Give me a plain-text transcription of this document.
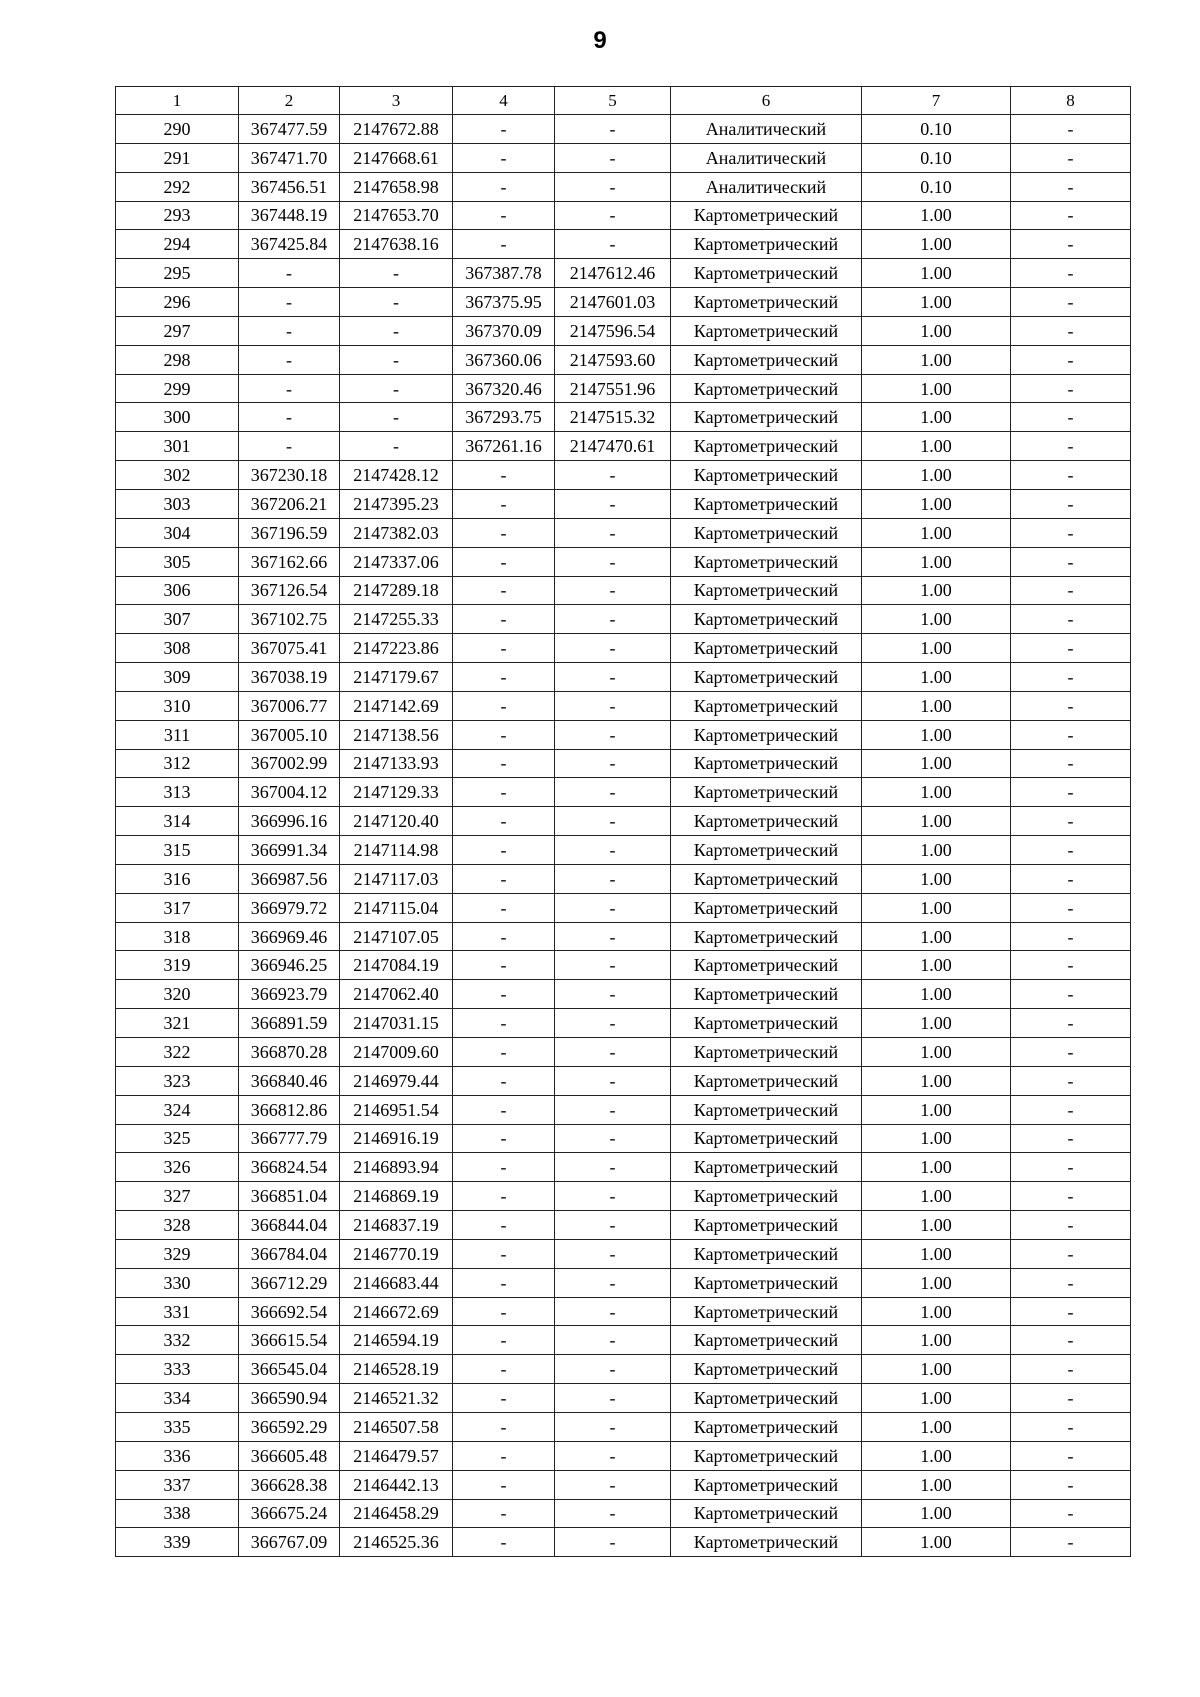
9
1	2	3	4	5	6	7	8
290	367477.59	2147672.88	-	-	Аналитический	0.10	-
291	367471.70	2147668.61	-	-	Аналитический	0.10	-
292	367456.51	2147658.98	-	-	Аналитический	0.10	-
293	367448.19	2147653.70	-	-	Картометрический	1.00	-
294	367425.84	2147638.16	-	-	Картометрический	1.00	-
295	-	-	367387.78	2147612.46	Картометрический	1.00	-
296	-	-	367375.95	2147601.03	Картометрический	1.00	-
297	-	-	367370.09	2147596.54	Картометрический	1.00	-
298	-	-	367360.06	2147593.60	Картометрический	1.00	-
299	-	-	367320.46	2147551.96	Картометрический	1.00	-
300	-	-	367293.75	2147515.32	Картометрический	1.00	-
301	-	-	367261.16	2147470.61	Картометрический	1.00	-
302	367230.18	2147428.12	-	-	Картометрический	1.00	-
303	367206.21	2147395.23	-	-	Картометрический	1.00	-
304	367196.59	2147382.03	-	-	Картометрический	1.00	-
305	367162.66	2147337.06	-	-	Картометрический	1.00	-
306	367126.54	2147289.18	-	-	Картометрический	1.00	-
307	367102.75	2147255.33	-	-	Картометрический	1.00	-
308	367075.41	2147223.86	-	-	Картометрический	1.00	-
309	367038.19	2147179.67	-	-	Картометрический	1.00	-
310	367006.77	2147142.69	-	-	Картометрический	1.00	-
311	367005.10	2147138.56	-	-	Картометрический	1.00	-
312	367002.99	2147133.93	-	-	Картометрический	1.00	-
313	367004.12	2147129.33	-	-	Картометрический	1.00	-
314	366996.16	2147120.40	-	-	Картометрический	1.00	-
315	366991.34	2147114.98	-	-	Картометрический	1.00	-
316	366987.56	2147117.03	-	-	Картометрический	1.00	-
317	366979.72	2147115.04	-	-	Картометрический	1.00	-
318	366969.46	2147107.05	-	-	Картометрический	1.00	-
319	366946.25	2147084.19	-	-	Картометрический	1.00	-
320	366923.79	2147062.40	-	-	Картометрический	1.00	-
321	366891.59	2147031.15	-	-	Картометрический	1.00	-
322	366870.28	2147009.60	-	-	Картометрический	1.00	-
323	366840.46	2146979.44	-	-	Картометрический	1.00	-
324	366812.86	2146951.54	-	-	Картометрический	1.00	-
325	366777.79	2146916.19	-	-	Картометрический	1.00	-
326	366824.54	2146893.94	-	-	Картометрический	1.00	-
327	366851.04	2146869.19	-	-	Картометрический	1.00	-
328	366844.04	2146837.19	-	-	Картометрический	1.00	-
329	366784.04	2146770.19	-	-	Картометрический	1.00	-
330	366712.29	2146683.44	-	-	Картометрический	1.00	-
331	366692.54	2146672.69	-	-	Картометрический	1.00	-
332	366615.54	2146594.19	-	-	Картометрический	1.00	-
333	366545.04	2146528.19	-	-	Картометрический	1.00	-
334	366590.94	2146521.32	-	-	Картометрический	1.00	-
335	366592.29	2146507.58	-	-	Картометрический	1.00	-
336	366605.48	2146479.57	-	-	Картометрический	1.00	-
337	366628.38	2146442.13	-	-	Картометрический	1.00	-
338	366675.24	2146458.29	-	-	Картометрический	1.00	-
339	366767.09	2146525.36	-	-	Картометрический	1.00	-
